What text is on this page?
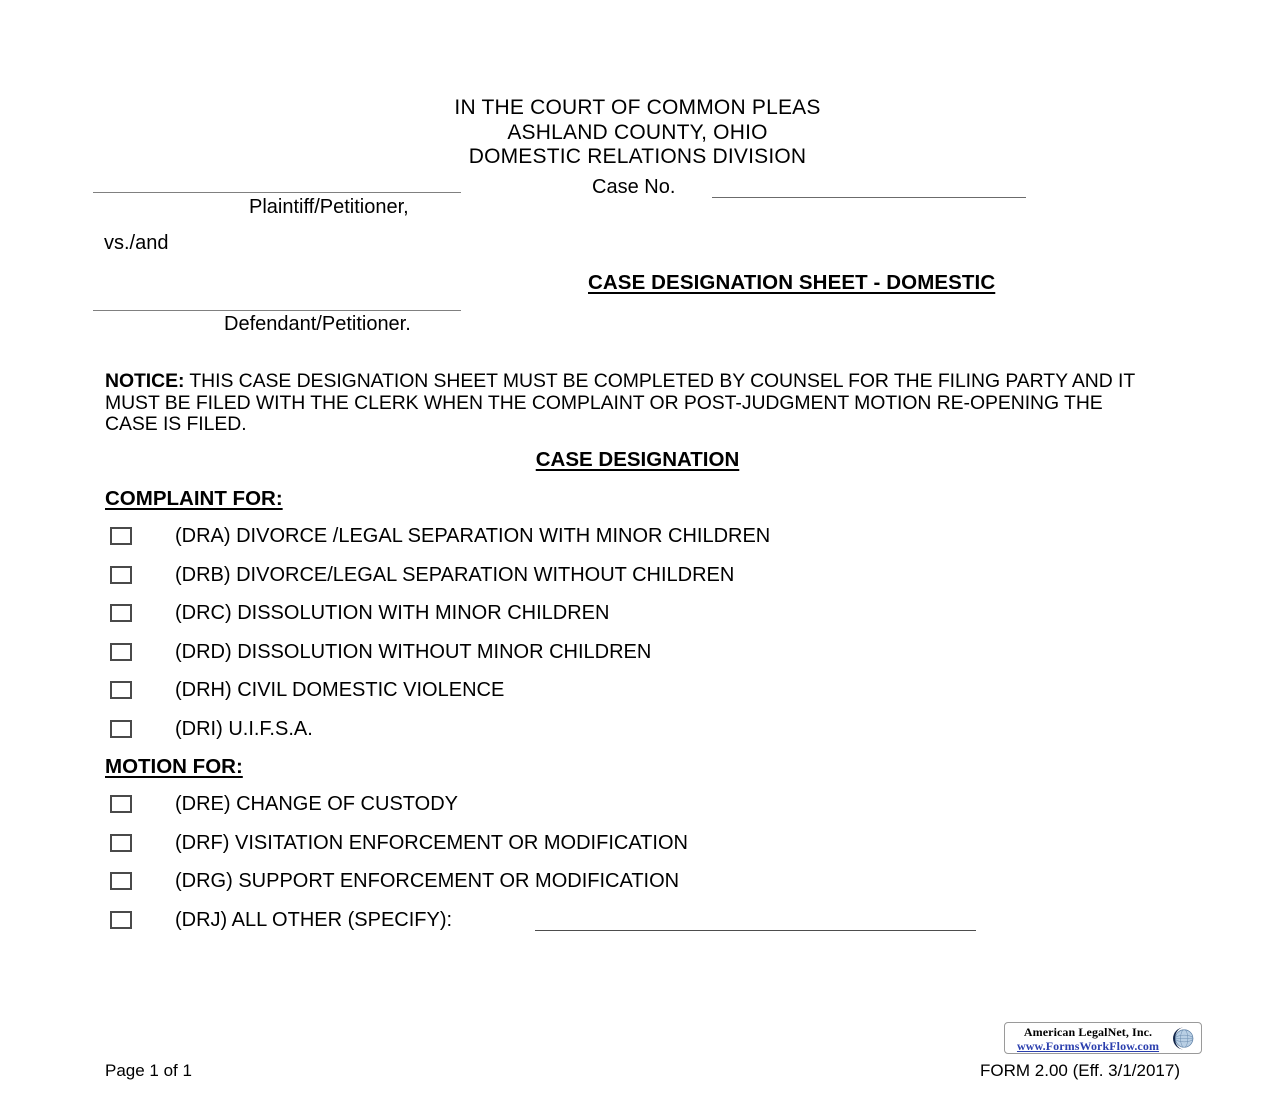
IN THE COURT OF COMMON PLEAS
ASHLAND COUNTY, OHIO
DOMESTIC RELATIONS DIVISION
Plaintiff/Petitioner,
vs./and
Defendant/Petitioner.
Case No.
CASE DESIGNATION SHEET - DOMESTIC
NOTICE: THIS CASE DESIGNATION SHEET MUST BE COMPLETED BY COUNSEL FOR THE FILING PARTY AND IT MUST BE FILED WITH THE CLERK WHEN THE COMPLAINT OR POST-JUDGMENT MOTION RE-OPENING THE CASE IS FILED.
CASE DESIGNATION
COMPLAINT FOR:
(DRA) DIVORCE /LEGAL SEPARATION WITH MINOR CHILDREN
(DRB) DIVORCE/LEGAL SEPARATION WITHOUT CHILDREN
(DRC) DISSOLUTION WITH MINOR CHILDREN
(DRD) DISSOLUTION WITHOUT MINOR CHILDREN
(DRH) CIVIL DOMESTIC VIOLENCE
(DRI) U.I.F.S.A.
MOTION FOR:
(DRE) CHANGE OF CUSTODY
(DRF) VISITATION ENFORCEMENT OR MODIFICATION
(DRG) SUPPORT ENFORCEMENT OR MODIFICATION
(DRJ) ALL OTHER (SPECIFY):
Page 1 of 1	FORM 2.00 (Eff. 3/1/2017)
American LegalNet, Inc.
www.FormsWorkFlow.com
